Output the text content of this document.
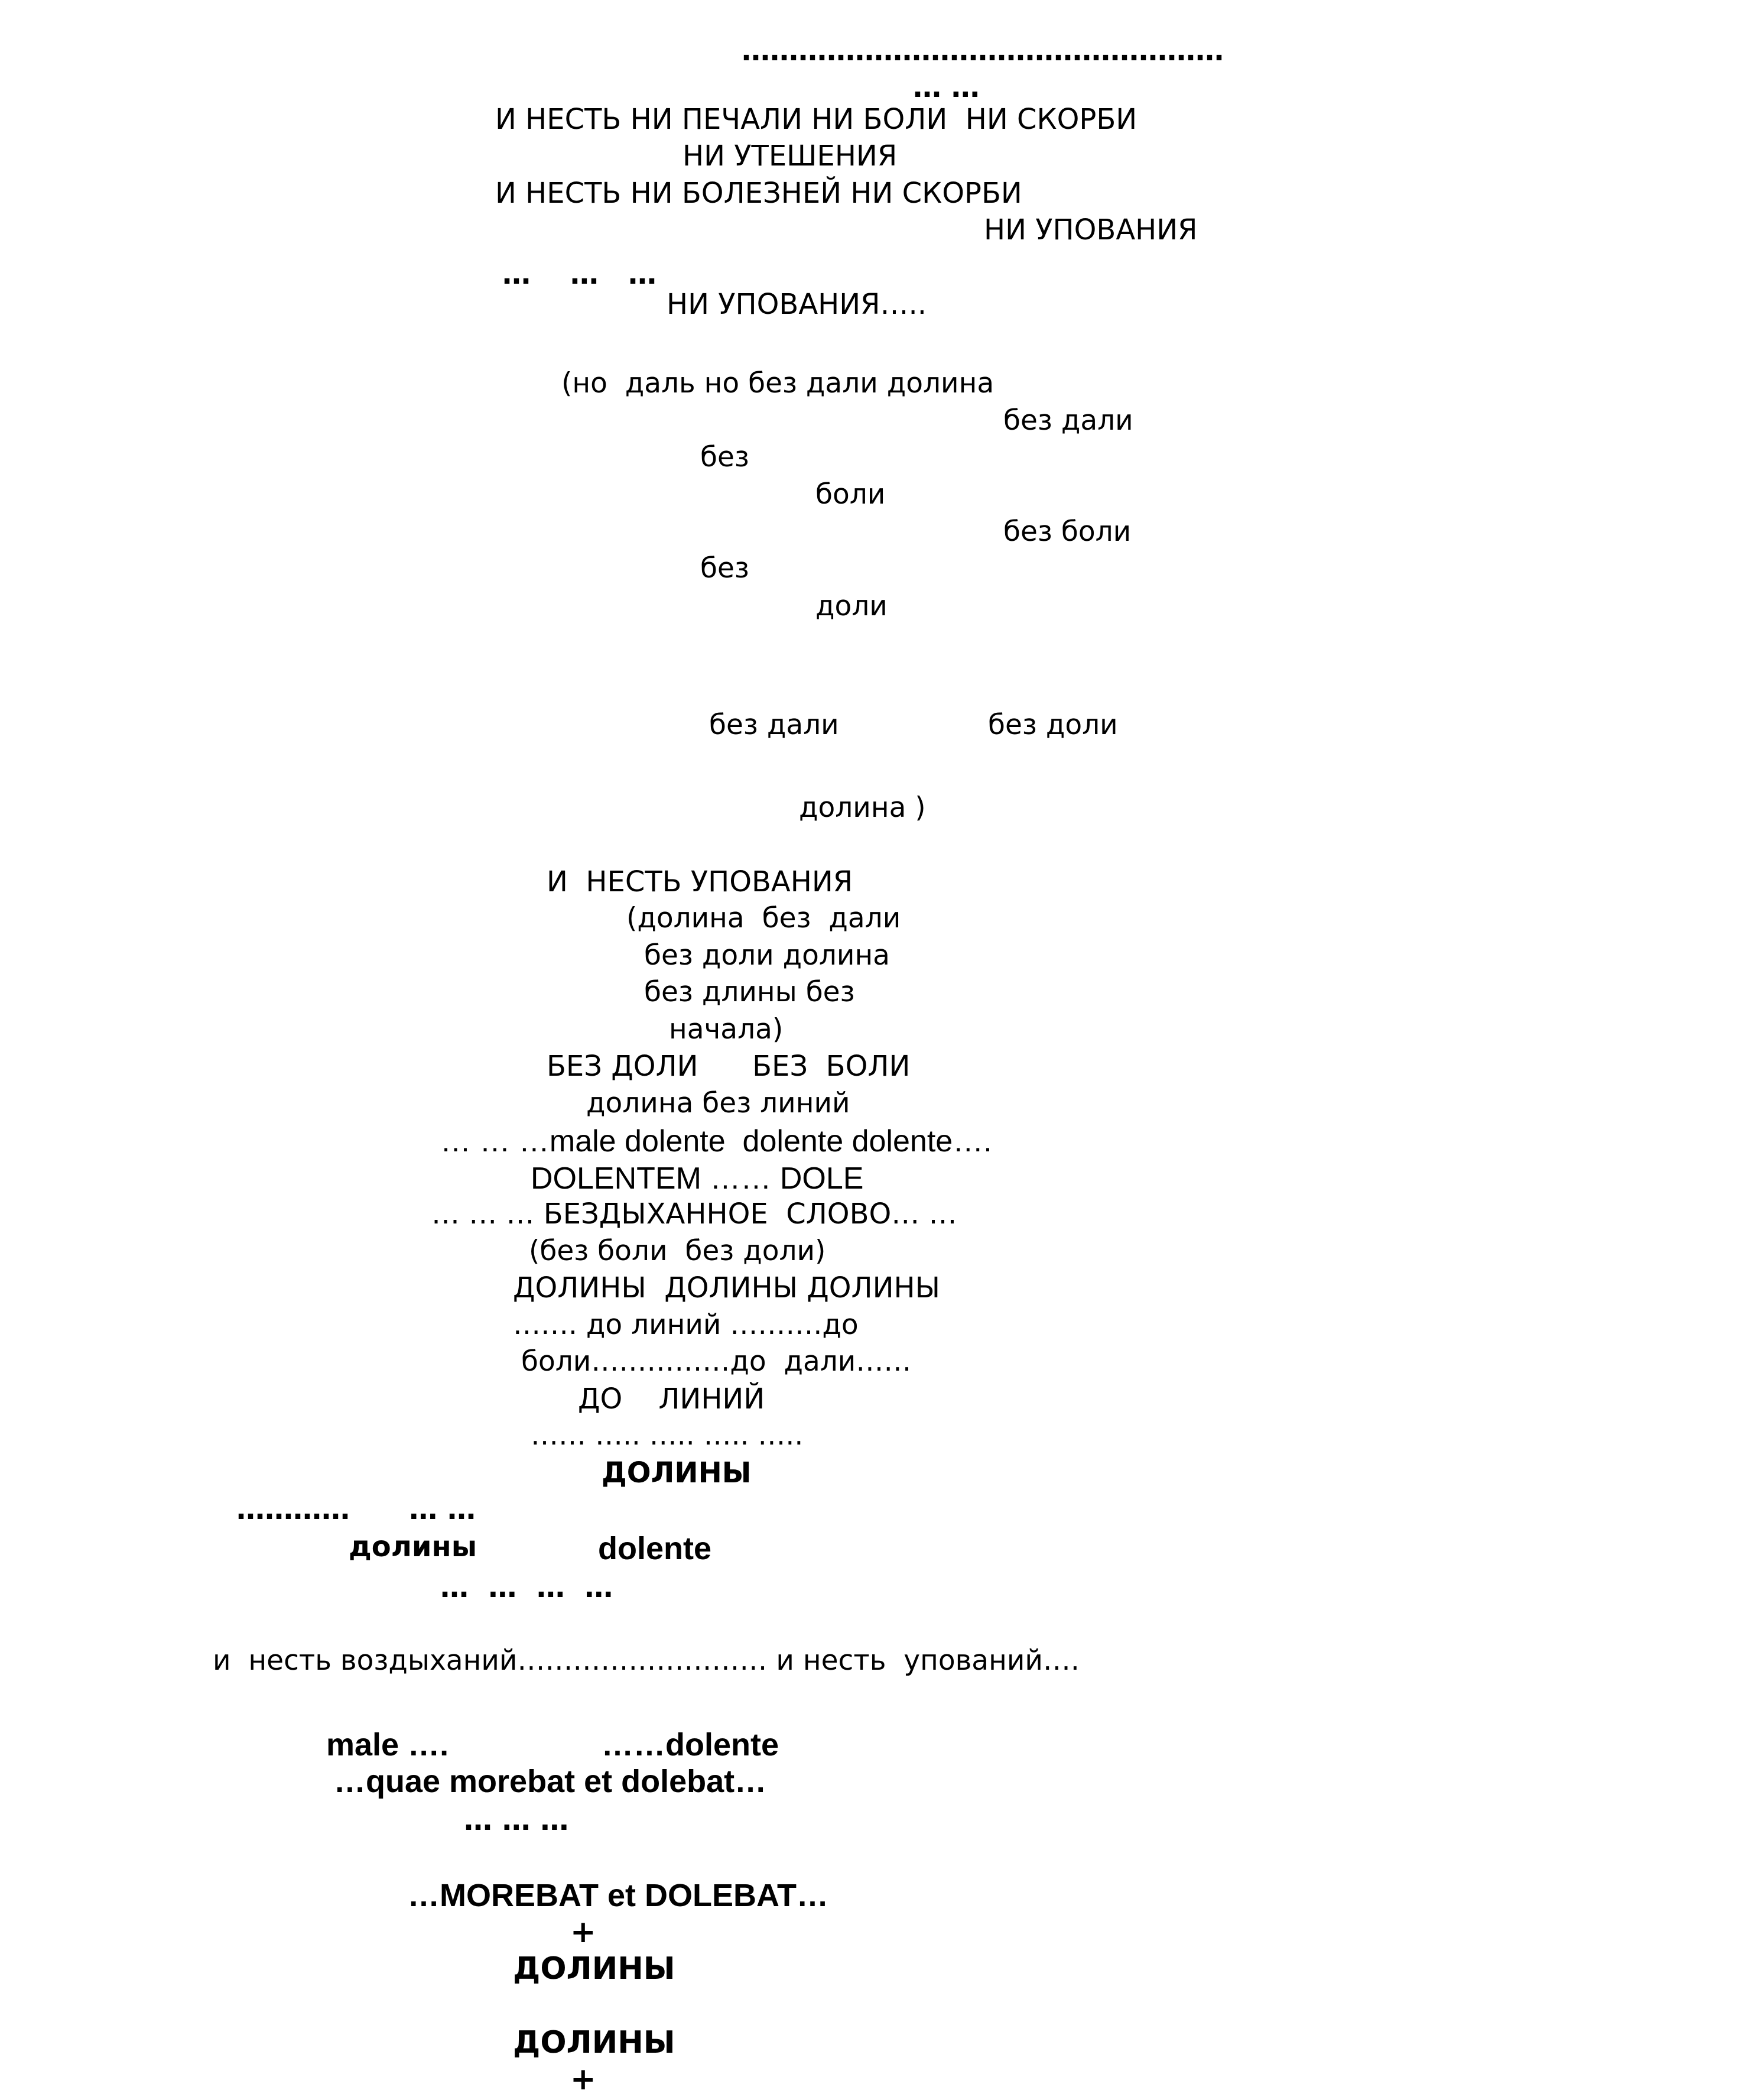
……………………………………………
… …
И НЕСТЬ НИ ПЕЧАЛИ НИ БОЛИ  НИ СКОРБИ
НИ УТЕШЕНИЯ
И НЕСТЬ НИ БОЛЕЗНЕЙ НИ СКОРБИ
НИ УПОВАНИЯ
…    …   …
НИ УПОВАНИЯ…..
(но  даль но без дали долина
без дали
без
боли
без боли
без
доли
без дали	без доли
долина )
И  НЕСТЬ УПОВАНИЯ
(долина  без  дали
без доли долина
без длины без
начала)
БЕЗ ДОЛИ      БЕЗ  БОЛИ
долина без линий
… … …male dolente  dolente dolente….
DOLENTEM …… DOLE
… … … БЕЗДЫХАННОЕ  СЛОВО… …
(без боли  без доли)
ДОЛИНЫ  ДОЛИНЫ ДОЛИНЫ
……. до линий ……….до
боли……………до  дали……
ДО    ЛИНИЙ
…… ….. ….. ….. …..
ДОЛИНЫ
…………      … …
долины	dolente
…  …  …  …
и  несть воздыханий……………………… и несть  упований….
male ….	……dolente
…quae morebat et dolebat…
… … …
…MOREBAT et DOLEBAT…
+
ДОЛИНЫ
ДОЛИНЫ
+
